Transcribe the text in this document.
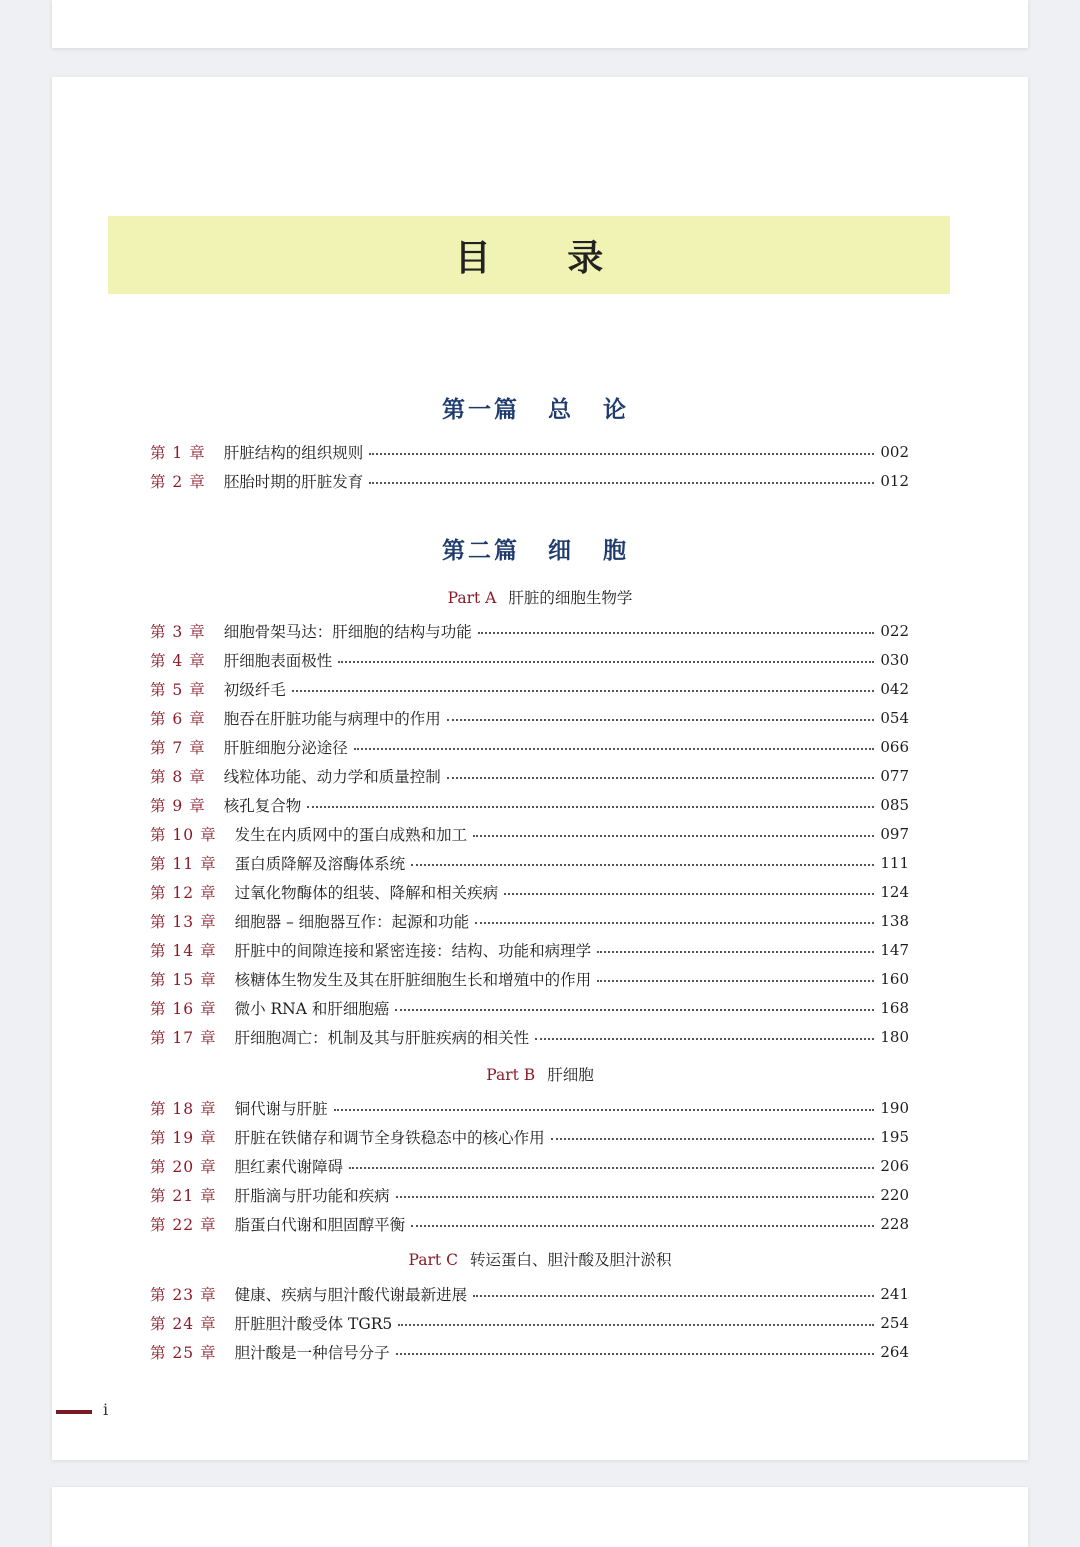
目 录
第一篇 总 论
第 1 章 肝脏结构的组织规则	002
第 2 章 胚胎时期的肝脏发育	012
第二篇 细 胞
Part A 肝脏的细胞生物学
第 3 章 细胞骨架马达：肝细胞的结构与功能	022
第 4 章 肝细胞表面极性	030
第 5 章 初级纤毛	042
第 6 章 胞吞在肝脏功能与病理中的作用	054
第 7 章 肝脏细胞分泌途径	066
第 8 章 线粒体功能、动力学和质量控制	077
第 9 章 核孔复合物	085
第 10 章 发生在内质网中的蛋白成熟和加工	097
第 11 章 蛋白质降解及溶酶体系统	111
第 12 章 过氧化物酶体的组装、降解和相关疾病	124
第 13 章 细胞器 – 细胞器互作：起源和功能	138
第 14 章 肝脏中的间隙连接和紧密连接：结构、功能和病理学	147
第 15 章 核糖体生物发生及其在肝脏细胞生长和增殖中的作用	160
第 16 章 微小 RNA 和肝细胞癌	168
第 17 章 肝细胞凋亡：机制及其与肝脏疾病的相关性	180
Part B 肝细胞
第 18 章 铜代谢与肝脏	190
第 19 章 肝脏在铁储存和调节全身铁稳态中的核心作用	195
第 20 章 胆红素代谢障碍	206
第 21 章 肝脂滴与肝功能和疾病	220
第 22 章 脂蛋白代谢和胆固醇平衡	228
Part C 转运蛋白、胆汁酸及胆汁淤积
第 23 章 健康、疾病与胆汁酸代谢最新进展	241
第 24 章 肝脏胆汁酸受体 TGR5	254
第 25 章 胆汁酸是一种信号分子	264
i
